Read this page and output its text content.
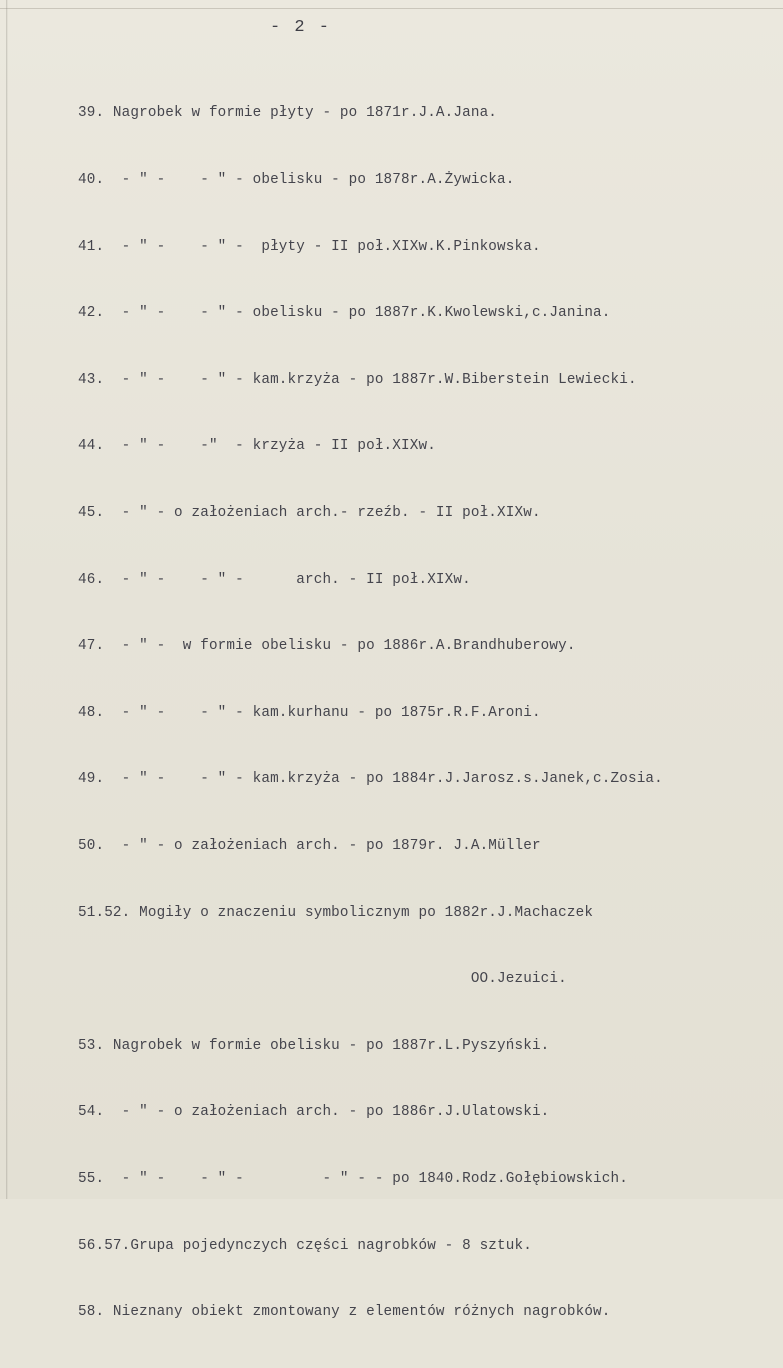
- 2 -

39. Nagrobek w formie płyty - po 1871r.J.A.Jana.

40.  - " -    - " - obelisku - po 1878r.A.Żywicka.

41.  - " -    - " -  płyty - II poł.XIXw.K.Pinkowska.

42.  - " -    - " - obelisku - po 1887r.K.Kwolewski,c.Janina.

43.  - " -    - " - kam.krzyża - po 1887r.W.Biberstein Lewiecki.

44.  - " -    -"  - krzyża - II poł.XIXw.

45.  - " - o założeniach arch.- rzeźb. - II poł.XIXw.

46.  - " -    - " -      arch. - II poł.XIXw.

47.  - " -  w formie obelisku - po 1886r.A.Brandhuberowy.

48.  - " -    - " - kam.kurhanu - po 1875r.R.F.Aroni.

49.  - " -    - " - kam.krzyża - po 1884r.J.Jarosz.s.Janek,c.Zosia.

50.  - " - o założeniach arch. - po 1879r. J.A.Müller

51.52. Mogiły o znaczeniu symbolicznym po 1882r.J.Machaczek

OO.Jezuici.

53. Nagrobek w formie obelisku - po 1887r.L.Pyszyński.

54.  - " - o założeniach arch. - po 1886r.J.Ulatowski.

55.  - " -    - " -         - " - - po 1840.Rodz.Gołębiowskich.

56.57.Grupa pojedynczych części nagrobków - 8 sztuk.

58. Nieznany obiekt zmontowany z elementów różnych nagrobków.
